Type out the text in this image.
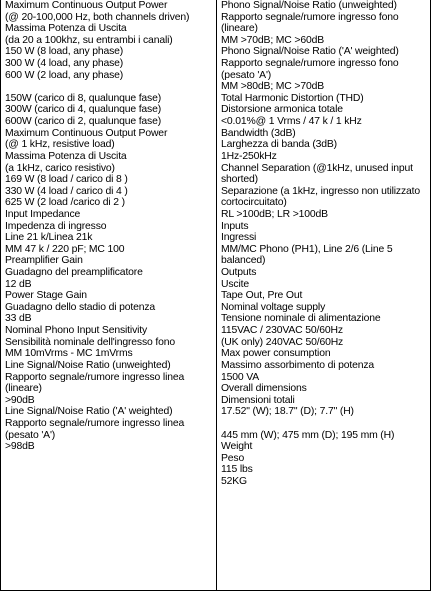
Maximum Continuous Output Power
(@ 20-100,000 Hz, both channels driven)
Massima Potenza di Uscita
(da 20 a 100khz, su entrambi i canali)
150 W (8 load, any phase)
300 W (4 load, any phase)
600 W (2 load, any phase)
150W (carico di 8, qualunque fase)
300W (carico di 4, qualunque fase)
600W (carico di 2, qualunque fase)
Maximum Continuous Output Power
(@ 1 kHz, resistive load)
Massima Potenza di Uscita
(a 1kHz, carico resistivo)
169 W (8 load / carico di 8 )
330 W (4 load / carico di 4 )
625 W (2 load /carico di 2 )
Input Impedance
Impedenza di ingresso
Line 21 k/Linea 21k
MM 47 k / 220 pF; MC 100
Preamplifier Gain
Guadagno del preamplificatore
12 dB
Power Stage Gain
Guadagno dello stadio di potenza
33 dB
Nominal Phono Input Sensitivity
Sensibilità nominale dell'ingresso fono
MM 10mVrms - MC 1mVrms
Line Signal/Noise Ratio (unweighted)
Rapporto segnale/rumore ingresso linea
(lineare)
>90dB
Line Signal/Noise Ratio ('A' weighted)
Rapporto segnale/rumore ingresso linea
(pesato 'A')
>98dB
Phono Signal/Noise Ratio (unweighted)
Rapporto segnale/rumore ingresso fono
(lineare)
MM >70dB; MC >60dB
Phono Signal/Noise Ratio ('A' weighted)
Rapporto segnale/rumore ingresso fono
(pesato 'A')
MM >80dB; MC >70dB
Total Harmonic Distortion (THD)
Distorsione armonica totale
<0.01%@ 1 Vrms / 47 k / 1 kHz
Bandwidth (3dB)
Larghezza di banda (3dB)
1Hz-250kHz
Channel Separation (@1kHz, unused input
shorted)
Separazione (a 1kHz, ingresso non utilizzato
cortocircuitato)
RL >100dB; LR >100dB
Inputs
Ingressi
MM/MC Phono (PH1), Line 2/6 (Line 5
balanced)
Outputs
Uscite
Tape Out, Pre Out
Nominal voltage supply
Tensione nominale di alimentazione
115VAC / 230VAC 50/60Hz
(UK only) 240VAC 50/60Hz
Max power consumption
Massimo assorbimento di potenza
1500 VA
Overall dimensions
Dimensioni totali
17.52" (W); 18.7" (D); 7.7" (H)
445 mm (W); 475 mm (D); 195 mm (H)
Weight
Peso
115 lbs
52KG
